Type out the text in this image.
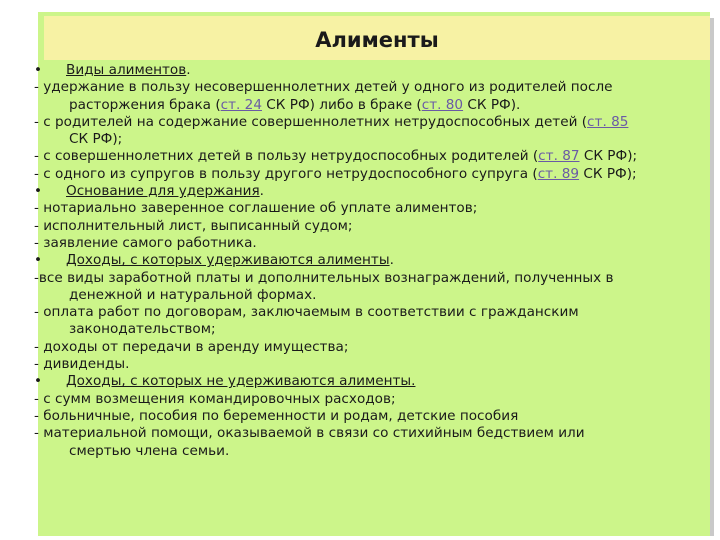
Алименты
• Виды алиментов.
- удержание в пользу несовершеннолетних детей у одного из родителей после
расторжения брака (ст. 24 СК РФ) либо в браке (ст. 80 СК РФ).
- с родителей на содержание совершеннолетних нетрудоспособных детей (ст. 85
СК РФ);
- с совершеннолетних детей в пользу нетрудоспособных родителей (ст. 87 СК РФ);
- с одного из супругов в пользу другого нетрудоспособного супруга (ст. 89 СК РФ);
• Основание для удержания.
- нотариально заверенное соглашение об уплате алиментов;
- исполнительный лист, выписанный судом;
- заявление самого работника.
• Доходы, с которых удерживаются алименты.
-все виды заработной платы и дополнительных вознаграждений, полученных в
денежной и натуральной формах.
- оплата работ по договорам, заключаемым в соответствии с гражданским
законодательством;
- доходы от передачи в аренду имущества;
- дивиденды.
• Доходы, с которых не удерживаются алименты.
- с сумм возмещения командировочных расходов;
- больничные, пособия по беременности и родам, детские пособия
- материальной помощи, оказываемой в связи со стихийным бедствием или
смертью члена семьи.
